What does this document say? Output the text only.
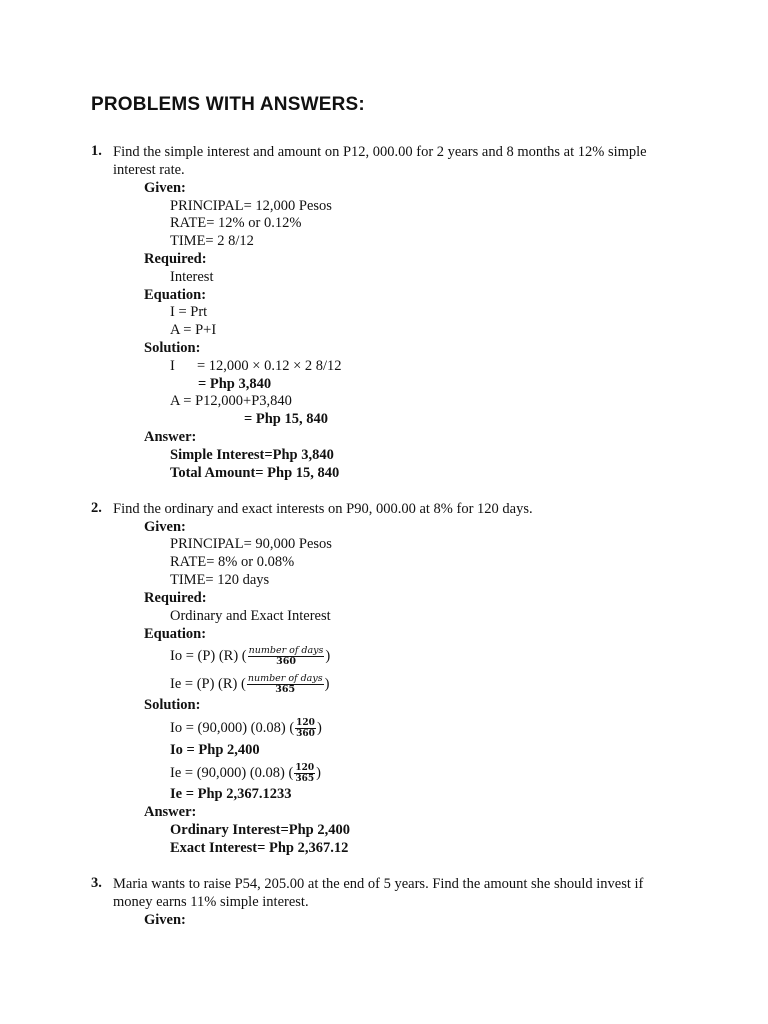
PROBLEMS WITH ANSWERS:
1. Find the simple interest and amount on P12, 000.00 for 2 years and 8 months at 12% simple
interest rate.
Given:
PRINCIPAL= 12,000 Pesos
RATE= 12% or 0.12%
TIME= 2 8/12
Required:
Interest
Equation:
I = Prt
A = P+I
Solution:
I = 12,000 × 0.12 × 2 8/12
= Php 3,840
A = P12,000+P3,840
= Php 15, 840
Answer:
Simple Interest=Php 3,840
Total Amount= Php 15, 840
2. Find the ordinary and exact interests on P90, 000.00 at 8% for 120 days.
Given:
PRINCIPAL= 90,000 Pesos
RATE= 8% or 0.08%
TIME= 120 days
Required:
Ordinary and Exact Interest
Equation:
Io = (P) (R) ( $\frac{\text{number of days}}{360}$ )
Ie = (P) (R) ( $\frac{\text{number of days}}{365}$ )
Solution:
Io = (90,000) (0.08) ( $\frac{120}{360}$ )
Io = Php 2,400
Ie = (90,000) (0.08) ( $\frac{120}{365}$ )
Ie = Php 2,367.1233
Answer:
Ordinary Interest=Php 2,400
Exact Interest= Php 2,367.12
3. Maria wants to raise P54, 205.00 at the end of 5 years. Find the amount she should invest if
money earns 11% simple interest.
Given:
